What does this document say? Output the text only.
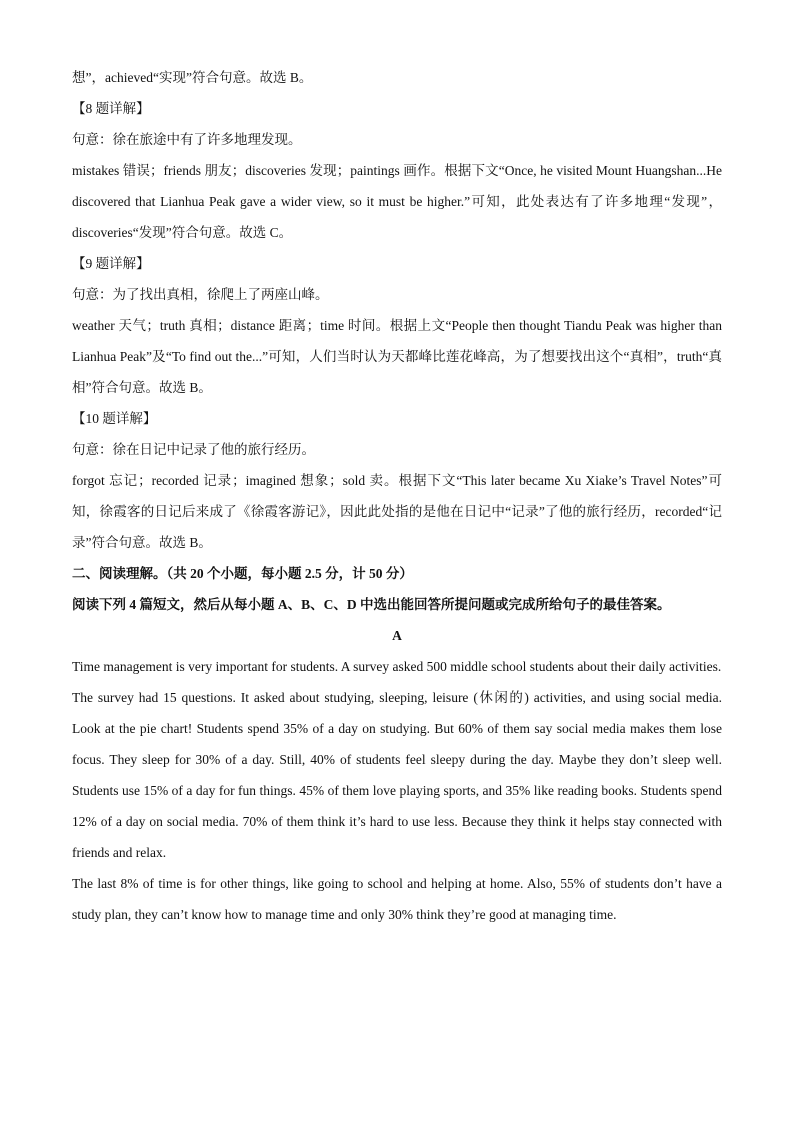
想”，achieved“实现”符合句意。故选 B。

【8 题详解】

句意：徐在旅途中有了许多地理发现。

mistakes 错误；friends 朋友；discoveries 发现；paintings 画作。根据下文“Once, he visited Mount Huangshan...He discovered that Lianhua Peak gave a wider view, so it must be higher.”可知，此处表达有了许多地理“发现”，discoveries“发现”符合句意。故选 C。

【9 题详解】

句意：为了找出真相，徐爬上了两座山峰。

weather 天气；truth 真相；distance 距离；time 时间。根据上文“People then thought Tiandu Peak was higher than Lianhua Peak”及“To find out the...”可知，人们当时认为天都峰比莲花峰高，为了想要找出这个“真相”，truth“真相”符合句意。故选 B。

【10 题详解】

句意：徐在日记中记录了他的旅行经历。

forgot 忘记；recorded 记录；imagined 想象；sold 卖。根据下文“This later became Xu Xiake’s Travel Notes”可知，徐霞客的日记后来成了《徐霞客游记》，因此此处指的是他在日记中“记录”了他的旅行经历，recorded“记录”符合句意。故选 B。

二、阅读理解。（共 20 个小题，每小题 2.5 分，计 50 分）

阅读下列 4 篇短文，然后从每小题 A、B、C、D 中选出能回答所提问题或完成所给句子的最佳答案。

A

Time management is very important for students. A survey asked 500 middle school students about their daily activities.

The survey had 15 questions. It asked about studying, sleeping, leisure (休闲的) activities, and using social media. Look at the pie chart! Students spend 35% of a day on studying. But 60% of them say social media makes them lose focus. They sleep for 30% of a day. Still, 40% of students feel sleepy during the day. Maybe they don’t sleep well. Students use 15% of a day for fun things. 45% of them love playing sports, and 35% like reading books. Students spend 12% of a day on social media. 70% of them think it’s hard to use less. Because they think it helps stay connected with friends and relax.

The last 8% of time is for other things, like going to school and helping at home. Also, 55% of students don’t have a study plan, they can’t know how to manage time and only 30% think they’re good at managing time.
